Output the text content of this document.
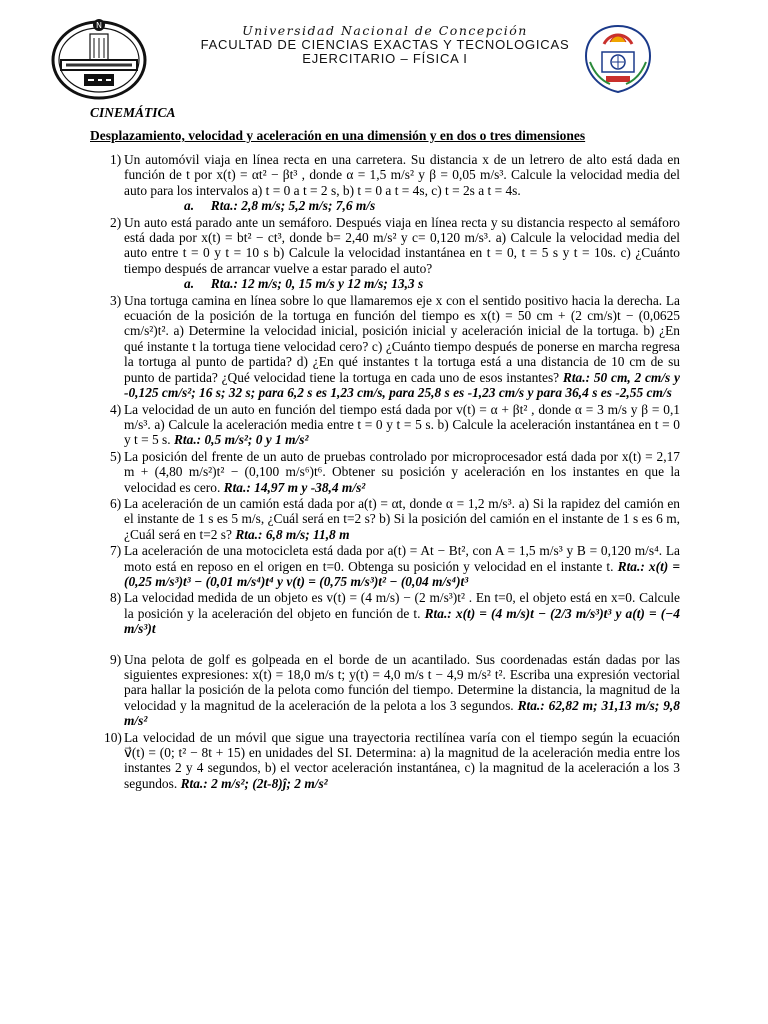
N	Universidad Nacional de Concepción
FACULTAD DE CIENCIAS EXACTAS Y TECNOLOGICAS
EJERCITARIO – FÍSICA I
CINEMÁTICA
Desplazamiento, velocidad y aceleración en una dimensión y en dos o tres dimensiones
1) Un automóvil viaja en línea recta en una carretera. Su distancia x de un letrero de alto está dada en función de t por x(t) = αt² − βt³ , donde α = 1,5 m/s² y β = 0,05 m/s³. Calcule la velocidad media del auto para los intervalos a) t = 0 a t = 2 s, b) t = 0 a t = 4s, c) t = 2s a t = 4s.
a. Rta.: 2,8 m/s; 5,2 m/s; 7,6 m/s
2) Un auto está parado ante un semáforo. Después viaja en línea recta y su distancia respecto al semáforo está dada por x(t) = bt² − ct³, donde b= 2,40 m/s² y c= 0,120 m/s³. a) Calcule la velocidad media del auto entre t = 0 y t = 10 s b) Calcule la velocidad instantánea en t = 0, t = 5 s y t = 10s. c) ¿Cuánto tiempo después de arrancar vuelve a estar parado el auto?
a. Rta.: 12 m/s; 0, 15 m/s y 12 m/s; 13,3 s
3) Una tortuga camina en línea sobre lo que llamaremos eje x con el sentido positivo hacia la derecha. La ecuación de la posición de la tortuga en función del tiempo es x(t) = 50 cm + (2 cm/s)t − (0,0625 cm/s²)t². a) Determine la velocidad inicial, posición inicial y aceleración inicial de la tortuga. b) ¿En qué instante t la tortuga tiene velocidad cero? c) ¿Cuánto tiempo después de ponerse en marcha regresa la tortuga al punto de partida? d) ¿En qué instantes t la tortuga está a una distancia de 10 cm de su punto de partida? ¿Qué velocidad tiene la tortuga en cada uno de esos instantes? Rta.: 50 cm, 2 cm/s y -0,125 cm/s²; 16 s; 32 s; para 6,2 s es 1,23 cm/s, para 25,8 s es -1,23 cm/s y para 36,4 s es -2,55 cm/s
4) La velocidad de un auto en función del tiempo está dada por v(t) = α + βt² , donde α = 3 m/s y β = 0,1 m/s³. a) Calcule la aceleración media entre t = 0 y t = 5 s. b) Calcule la aceleración instantánea en t = 0 y t = 5 s. Rta.: 0,5 m/s²; 0 y 1 m/s²
5) La posición del frente de un auto de pruebas controlado por microprocesador está dada por x(t) = 2,17 m + (4,80 m/s²)t² − (0,100 m/s⁶)t⁶. Obtener su posición y aceleración en los instantes en que la velocidad es cero. Rta.: 14,97 m y -38,4 m/s²
6) La aceleración de un camión está dada por a(t) = αt, donde α = 1,2 m/s³. a) Si la rapidez del camión en el instante de 1 s es 5 m/s, ¿Cuál será en t=2 s? b) Si la posición del camión en el instante de 1 s es 6 m, ¿Cuál será en t=2 s? Rta.: 6,8 m/s; 11,8 m
7) La aceleración de una motocicleta está dada por a(t) = At − Bt², con A = 1,5 m/s³ y B = 0,120 m/s⁴. La moto está en reposo en el origen en t=0. Obtenga su posición y velocidad en el instante t. Rta.: x(t) = (0,25 m/s³)t³ − (0,01 m/s⁴)t⁴ y v(t) = (0,75 m/s³)t² − (0,04 m/s⁴)t³
8) La velocidad medida de un objeto es v(t) = (4 m/s) − (2 m/s³)t² . En t=0, el objeto está en x=0. Calcule la posición y la aceleración del objeto en función de t. Rta.: x(t) = (4 m/s)t − (2/3 m/s³)t³ y a(t) = (−4 m/s³)t
9) Una pelota de golf es golpeada en el borde de un acantilado. Sus coordenadas están dadas por las siguientes expresiones: x(t) = 18,0 m/s t; y(t) = 4,0 m/s t − 4,9 m/s² t². Escriba una expresión vectorial para hallar la posición de la pelota como función del tiempo. Determine la distancia, la magnitud de la velocidad y la magnitud de la aceleración de la pelota a los 3 segundos. Rta.: 62,82 m; 31,13 m/s; 9,8 m/s²
10) La velocidad de un móvil que sigue una trayectoria rectilínea varía con el tiempo según la ecuación v⃗(t) = (0; t² − 8t + 15) en unidades del SI. Determina: a) la magnitud de la aceleración media entre los instantes 2 y 4 segundos, b) el vector aceleración instantánea, c) la magnitud de la aceleración a los 3 segundos. Rta.: 2 m/s²; (2t-8)ĵ; 2 m/s²
